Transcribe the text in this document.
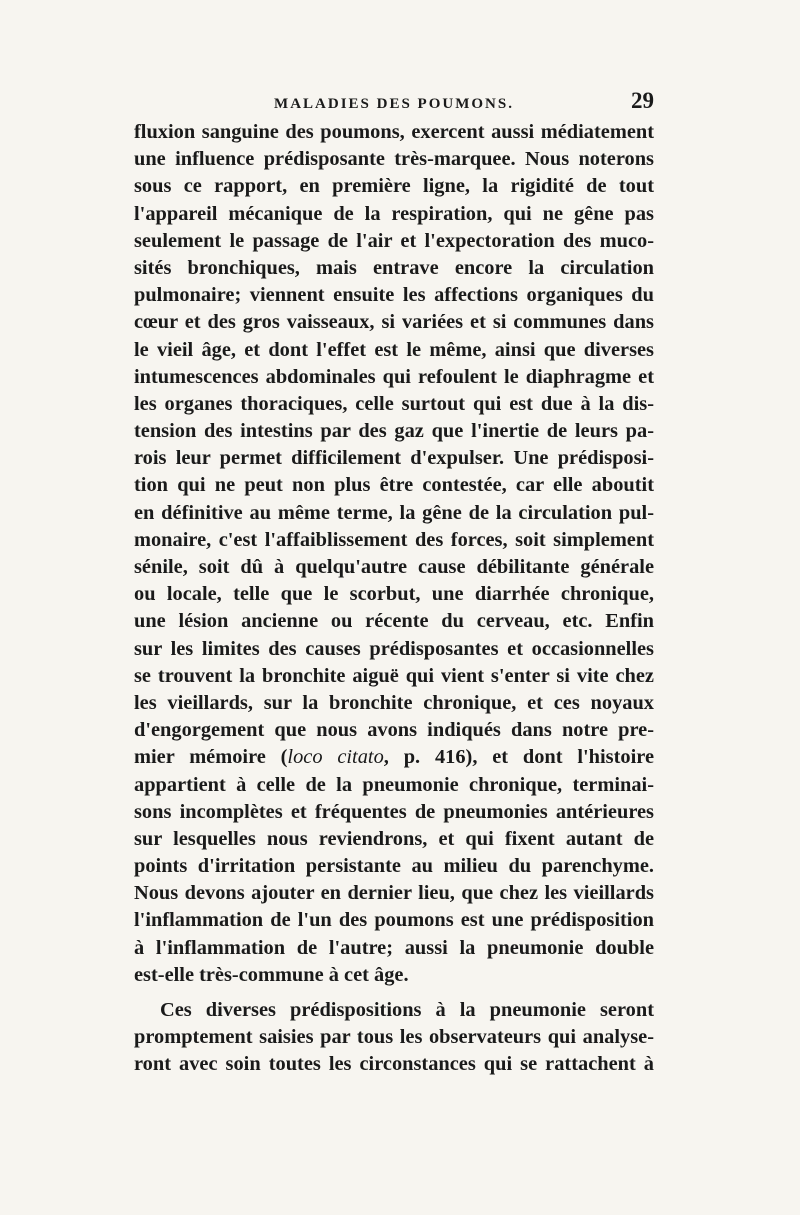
MALADIES DES POUMONS.	29
fluxion sanguine des poumons, exercent aussi médiatement
une influence prédisposante très-marquee. Nous noterons
sous ce rapport, en première ligne, la rigidité de tout
l'appareil mécanique de la respiration, qui ne gêne pas
seulement le passage de l'air et l'expectoration des muco-
sités bronchiques, mais entrave encore la circulation
pulmonaire; viennent ensuite les affections organiques du
cœur et des gros vaisseaux, si variées et si communes dans
le vieil âge, et dont l'effet est le même, ainsi que diverses
intumescences abdominales qui refoulent le diaphragme et
les organes thoraciques, celle surtout qui est due à la dis-
tension des intestins par des gaz que l'inertie de leurs pa-
rois leur permet difficilement d'expulser. Une prédisposi-
tion qui ne peut non plus être contestée, car elle aboutit
en définitive au même terme, la gêne de la circulation pul-
monaire, c'est l'affaiblissement des forces, soit simplement
sénile, soit dû à quelqu'autre cause débilitante générale
ou locale, telle que le scorbut, une diarrhée chronique,
une lésion ancienne ou récente du cerveau, etc. Enfin
sur les limites des causes prédisposantes et occasionnelles
se trouvent la bronchite aiguë qui vient s'enter si vite chez
les vieillards, sur la bronchite chronique, et ces noyaux
d'engorgement que nous avons indiqués dans notre pre-
mier mémoire (loco citato, p. 416), et dont l'histoire
appartient à celle de la pneumonie chronique, terminai-
sons incomplètes et fréquentes de pneumonies antérieures
sur lesquelles nous reviendrons, et qui fixent autant de
points d'irritation persistante au milieu du parenchyme.
Nous devons ajouter en dernier lieu, que chez les vieillards
l'inflammation de l'un des poumons est une prédisposition
à l'inflammation de l'autre; aussi la pneumonie double
est-elle très-commune à cet âge.
Ces diverses prédispositions à la pneumonie seront
promptement saisies par tous les observateurs qui analyse-
ront avec soin toutes les circonstances qui se rattachent à
